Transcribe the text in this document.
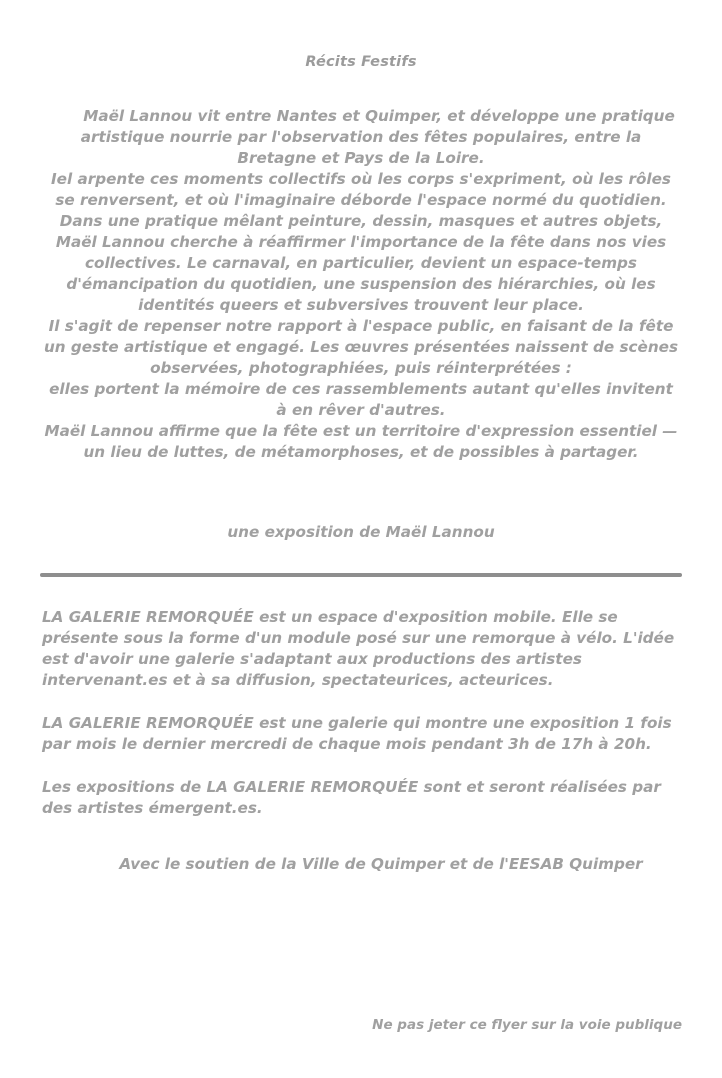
Récits Festifs

Maël Lannou vit entre Nantes et Quimper, et développe une pratique artistique nourrie par l'observation des fêtes populaires, entre la Bretagne et Pays de la Loire.

Iel arpente ces moments collectifs où les corps s'expriment, où les rôles se renversent, et où l'imaginaire déborde l'espace normé du quotidien.

Dans une pratique mêlant peinture, dessin, masques et autres objets, Maël Lannou cherche à réaffirmer l'importance de la fête dans nos vies collectives. Le carnaval, en particulier, devient un espace-temps d'émancipation du quotidien, une suspension des hiérarchies, où les identités queers et subversives trouvent leur place.

Il s'agit de repenser notre rapport à l'espace public, en faisant de la fête un geste artistique et engagé. Les œuvres présentées naissent de scènes observées, photographiées, puis réinterprétées :

elles portent la mémoire de ces rassemblements autant qu'elles invitent à en rêver d'autres.

Maël Lannou affirme que la fête est un territoire d'expression essentiel — un lieu de luttes, de métamorphoses, et de possibles à partager.

une exposition de Maël Lannou

LA GALERIE REMORQUÉE est un espace d'exposition mobile. Elle se présente sous la forme d'un module posé sur une remorque à vélo. L'idée est d'avoir une galerie s'adaptant aux productions des artistes intervenant.es et à sa diffusion, spectateurices, acteurices.

LA GALERIE REMORQUÉE est une galerie qui montre une exposition 1 fois par mois le dernier mercredi de chaque mois pendant 3h de 17h à 20h.

Les expositions de LA GALERIE REMORQUÉE sont et seront réalisées par des artistes émergent.es.

Avec le soutien de la Ville de Quimper et de l'EESAB Quimper
Ne pas jeter ce flyer sur la voie publique
